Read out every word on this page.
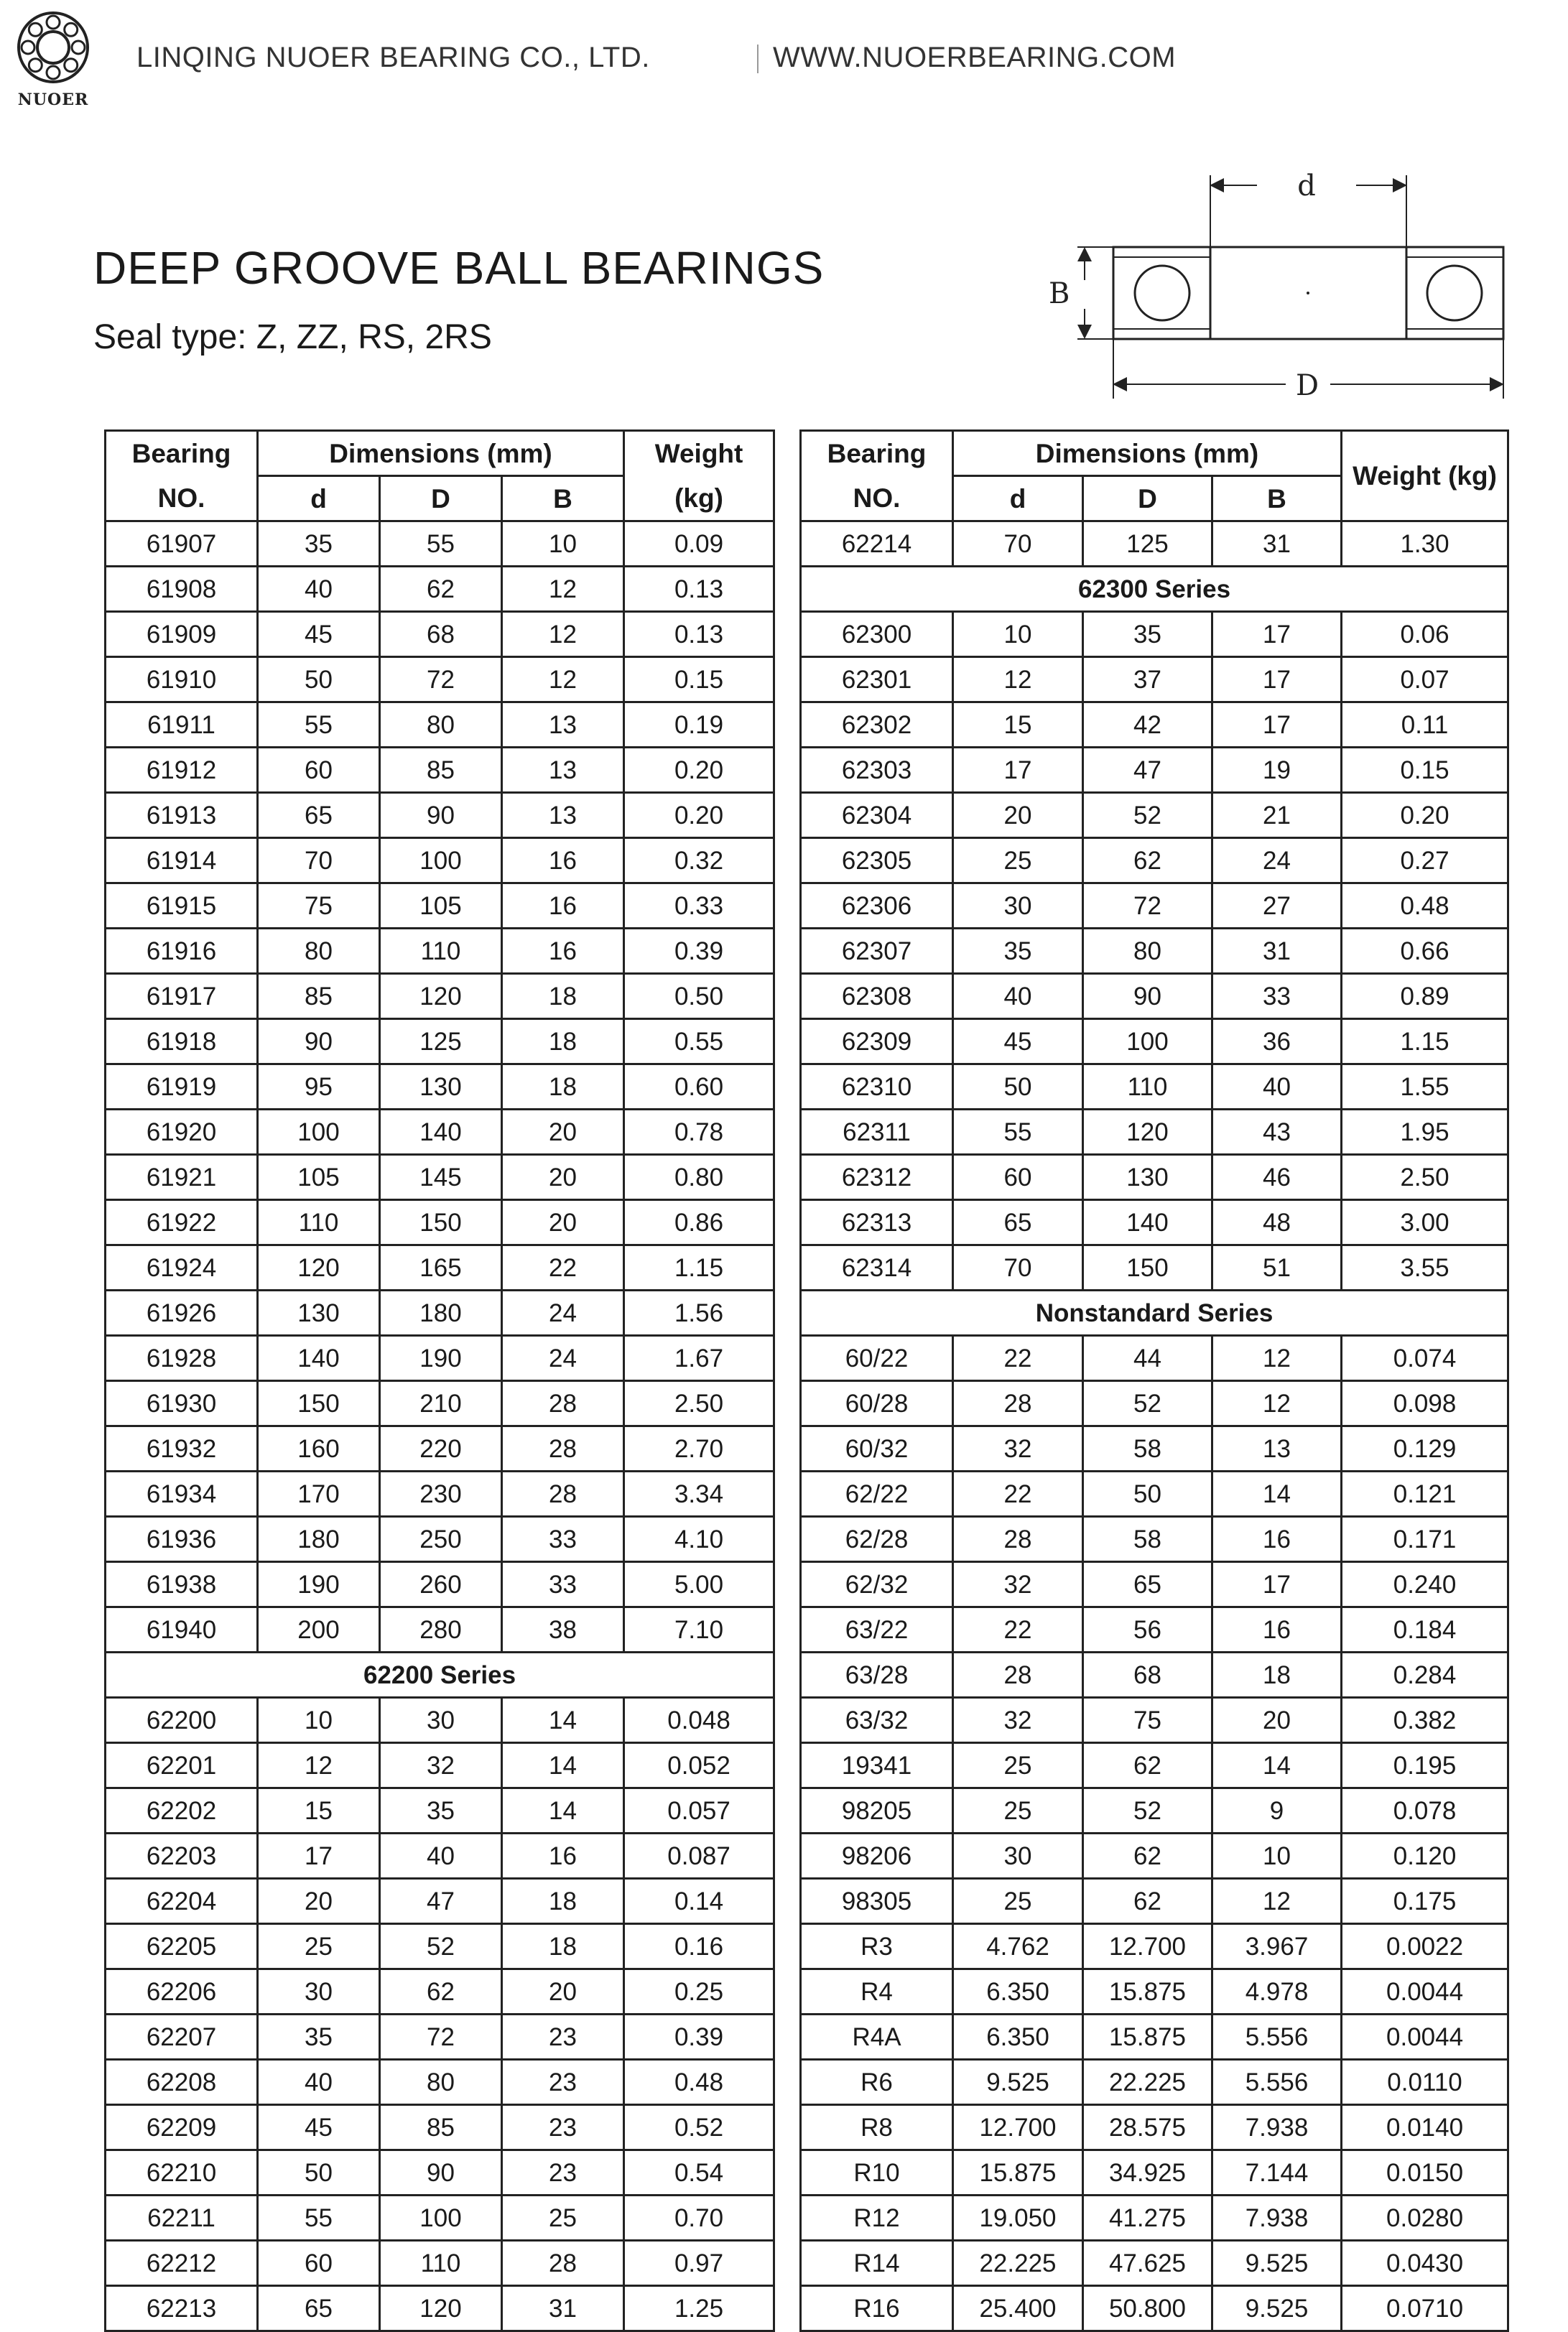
NUOER
LINQING NUOER BEARING CO., LTD.	WWW.NUOERBEARING.COM
DEEP GROOVE BALL BEARINGS
Seal type: Z, ZZ, RS, 2RS
d
B
D
Bearing	Dimensions (mm)			Weight
NO.	d	D	B	(kg)
61907	35	55	10	0.09
61908	40	62	12	0.13
61909	45	68	12	0.13
61910	50	72	12	0.15
61911	55	80	13	0.19
61912	60	85	13	0.20
61913	65	90	13	0.20
61914	70	100	16	0.32
61915	75	105	16	0.33
61916	80	110	16	0.39
61917	85	120	18	0.50
61918	90	125	18	0.55
61919	95	130	18	0.60
61920	100	140	20	0.78
61921	105	145	20	0.80
61922	110	150	20	0.86
61924	120	165	22	1.15
61926	130	180	24	1.56
61928	140	190	24	1.67
61930	150	210	28	2.50
61932	160	220	28	2.70
61934	170	230	28	3.34
61936	180	250	33	4.10
61938	190	260	33	5.00
61940	200	280	38	7.10
62200 Series				
62200	10	30	14	0.048
62201	12	32	14	0.052
62202	15	35	14	0.057
62203	17	40	16	0.087
62204	20	47	18	0.14
62205	25	52	18	0.16
62206	30	62	20	0.25
62207	35	72	23	0.39
62208	40	80	23	0.48
62209	45	85	23	0.52
62210	50	90	23	0.54
62211	55	100	25	0.70
62212	60	110	28	0.97
62213	65	120	31	1.25
Bearing	Dimensions (mm)			Weight (kg)
NO.	d	D	B	
62214	70	125	31	1.30
62300 Series				
62300	10	35	17	0.06
62301	12	37	17	0.07
62302	15	42	17	0.11
62303	17	47	19	0.15
62304	20	52	21	0.20
62305	25	62	24	0.27
62306	30	72	27	0.48
62307	35	80	31	0.66
62308	40	90	33	0.89
62309	45	100	36	1.15
62310	50	110	40	1.55
62311	55	120	43	1.95
62312	60	130	46	2.50
62313	65	140	48	3.00
62314	70	150	51	3.55
Nonstandard Series				
60/22	22	44	12	0.074
60/28	28	52	12	0.098
60/32	32	58	13	0.129
62/22	22	50	14	0.121
62/28	28	58	16	0.171
62/32	32	65	17	0.240
63/22	22	56	16	0.184
63/28	28	68	18	0.284
63/32	32	75	20	0.382
19341	25	62	14	0.195
98205	25	52	9	0.078
98206	30	62	10	0.120
98305	25	62	12	0.175
R3	4.762	12.700	3.967	0.0022
R4	6.350	15.875	4.978	0.0044
R4A	6.350	15.875	5.556	0.0044
R6	9.525	22.225	5.556	0.0110
R8	12.700	28.575	7.938	0.0140
R10	15.875	34.925	7.144	0.0150
R12	19.050	41.275	7.938	0.0280
R14	22.225	47.625	9.525	0.0430
R16	25.400	50.800	9.525	0.0710
